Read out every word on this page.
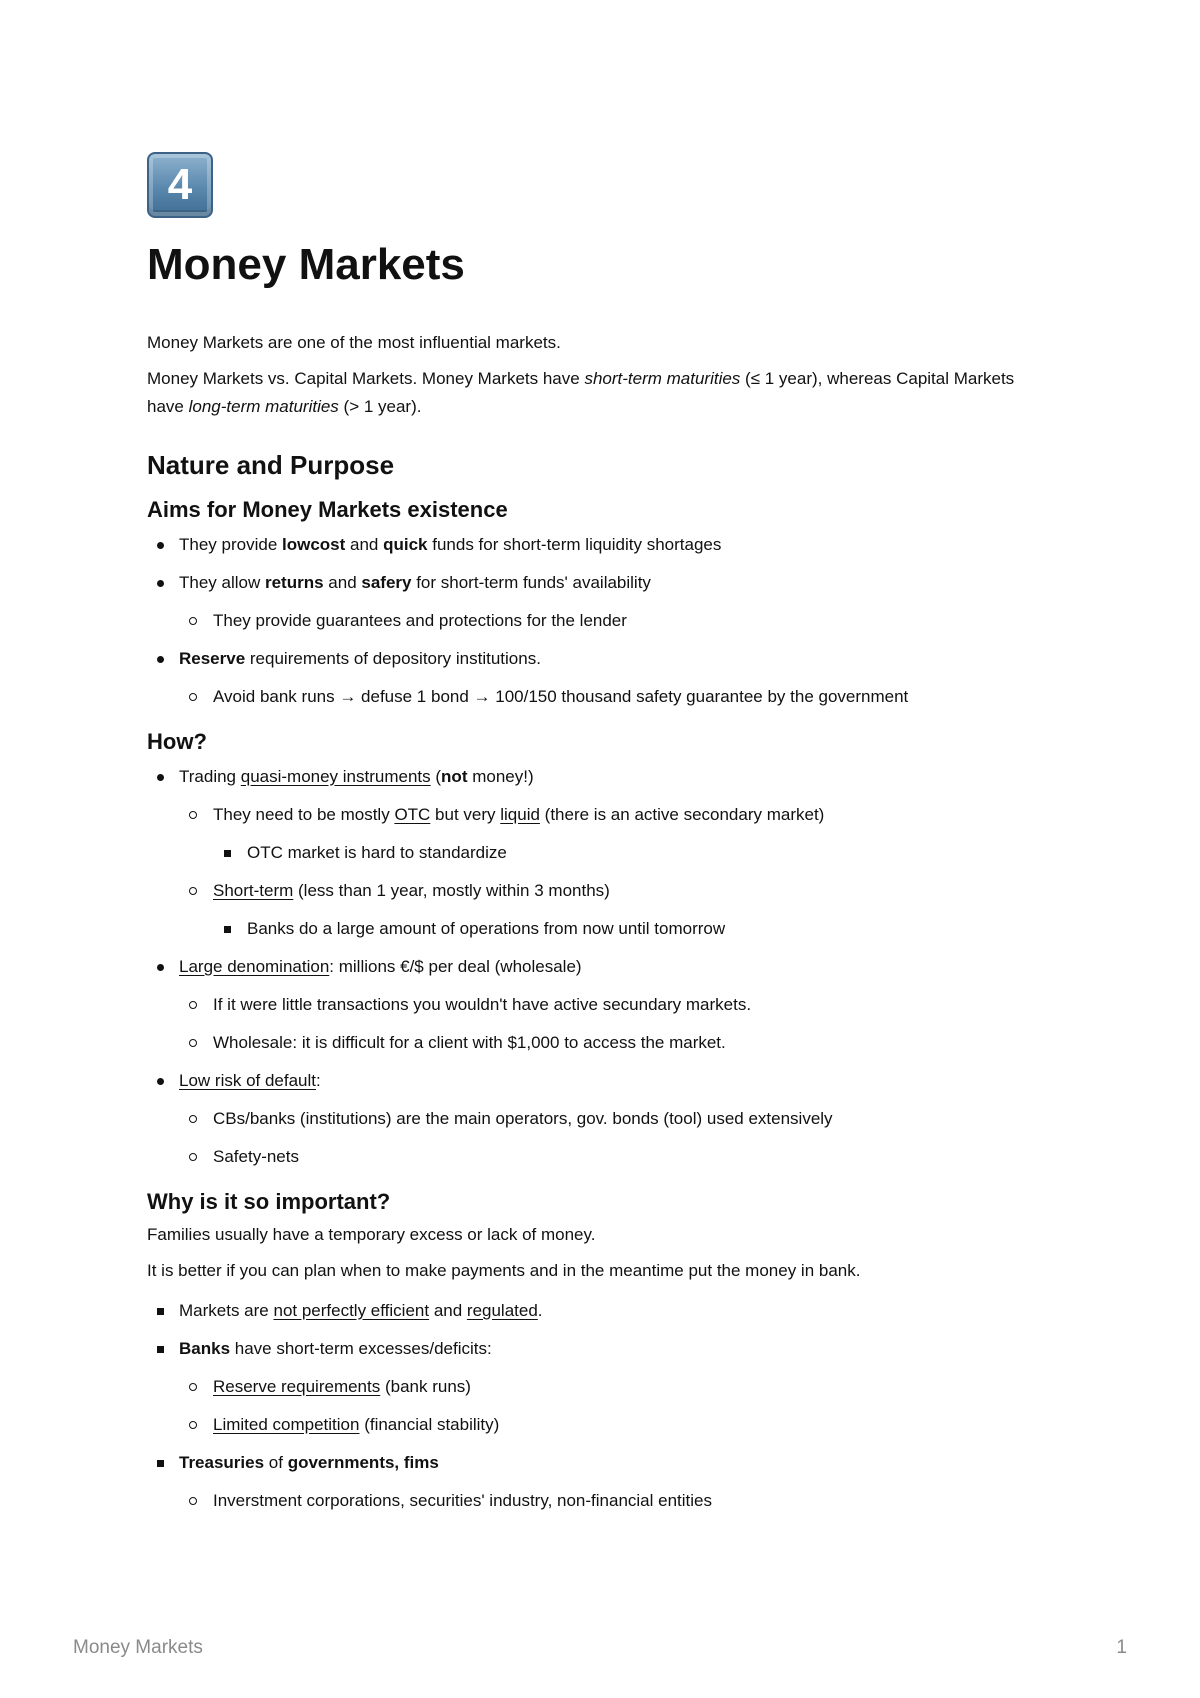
4
Money Markets

Money Markets are one of the most influential markets.

Money Markets vs. Capital Markets. Money Markets have short-term maturities (≤ 1 year), whereas Capital Markets have long-term maturities (> 1 year).

Nature and Purpose
Aims for Money Markets existence
They provide lowcost and quick funds for short-term liquidity shortages
They allow returns and safery for short-term funds' availability
They provide guarantees and protections for the lender
Reserve requirements of depository institutions.
Avoid bank runs → defuse 1 bond → 100/150 thousand safety guarantee by the government
How?
Trading quasi-money instruments (not money!)
They need to be mostly OTC but very liquid (there is an active secondary market)
OTC market is hard to standardize
Short-term (less than 1 year, mostly within 3 months)
Banks do a large amount of operations from now until tomorrow
Large denomination: millions €/$ per deal (wholesale)
If it were little transactions you wouldn't have active secundary markets.
Wholesale: it is difficult for a client with $1,000 to access the market.
Low risk of default:
CBs/banks (institutions) are the main operators, gov. bonds (tool) used extensively
Safety-nets
Why is it so important?

Families usually have a temporary excess or lack of money.

It is better if you can plan when to make payments and in the meantime put the money in bank.

Markets are not perfectly efficient and regulated.
Banks have short-term excesses/deficits:
Reserve requirements (bank runs)
Limited competition (financial stability)
Treasuries of governments, fims
Inverstment corporations, securities' industry, non-financial entities
Money Markets	1
